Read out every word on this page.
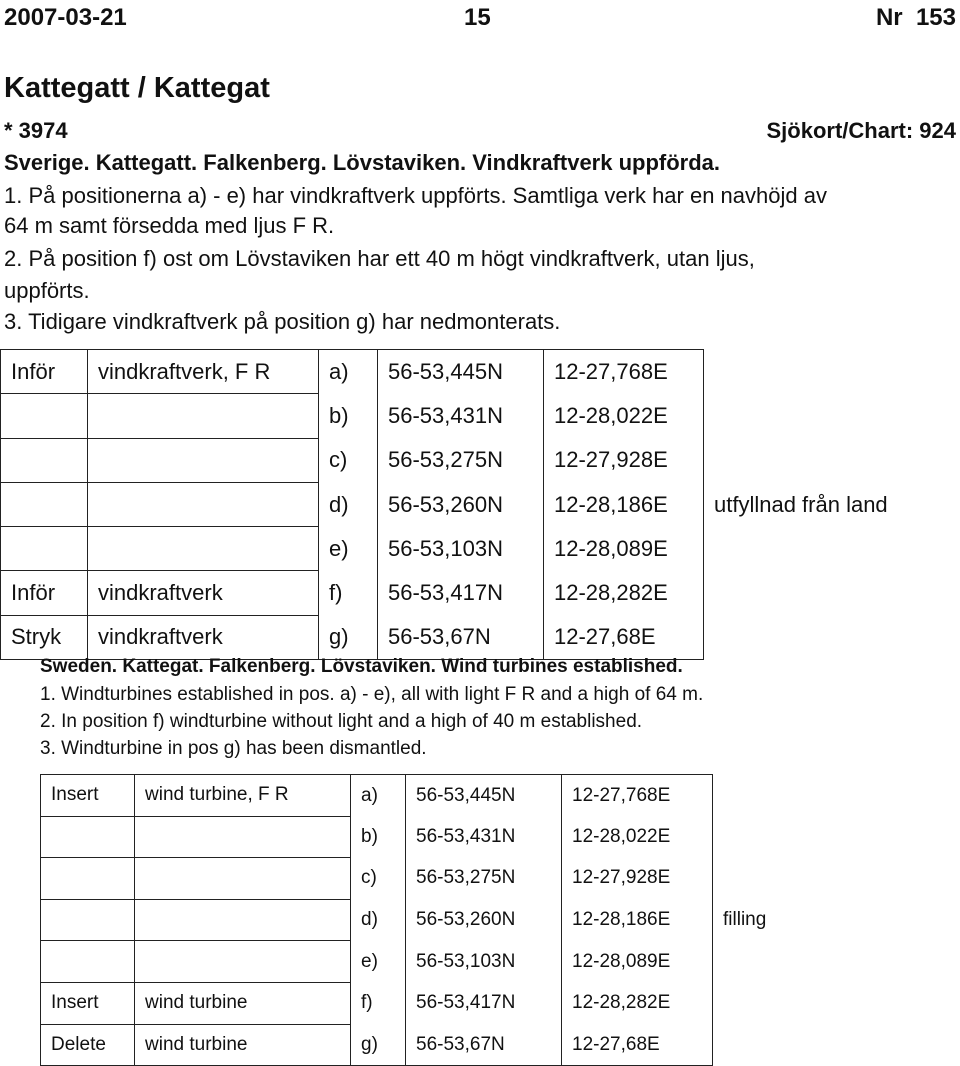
2007-03-21	15	Nr  153
Kattegatt / Kattegat
* 3974	Sjökort/Chart: 924
Sverige. Kattegatt. Falkenberg. Lövstaviken. Vindkraftverk uppförda.
1. På positionerna a) - e) har vindkraftverk uppförts. Samtliga verk har en navhöjd av
64 m samt försedda med ljus F R.
2. På position f) ost om Lövstaviken har ett 40 m högt vindkraftverk, utan ljus,
uppförts.
3. Tidigare vindkraftverk på position g) har nedmonterats.
Inför	vindkraftverk, F R	a)	56-53,445N	12-27,768E	
		b)	56-53,431N	12-28,022E	
		c)	56-53,275N	12-27,928E	
		d)	56-53,260N	12-28,186E	utfyllnad från land
		e)	56-53,103N	12-28,089E	
Inför	vindkraftverk	f)	56-53,417N	12-28,282E	
Stryk	vindkraftverk	g)	56-53,67N	12-27,68E	
Sweden. Kattegat. Falkenberg. Lövstaviken. Wind turbines established.
1. Windturbines established in pos. a) - e), all with light F R and a high of 64 m.
2. In position f) windturbine without light and a high of 40 m established.
3. Windturbine in pos g) has been dismantled.
Insert	wind turbine, F R	a)	56-53,445N	12-27,768E	
		b)	56-53,431N	12-28,022E	
		c)	56-53,275N	12-27,928E	
		d)	56-53,260N	12-28,186E	filling
		e)	56-53,103N	12-28,089E	
Insert	wind turbine	f)	56-53,417N	12-28,282E	
Delete	wind turbine	g)	56-53,67N	12-27,68E	
